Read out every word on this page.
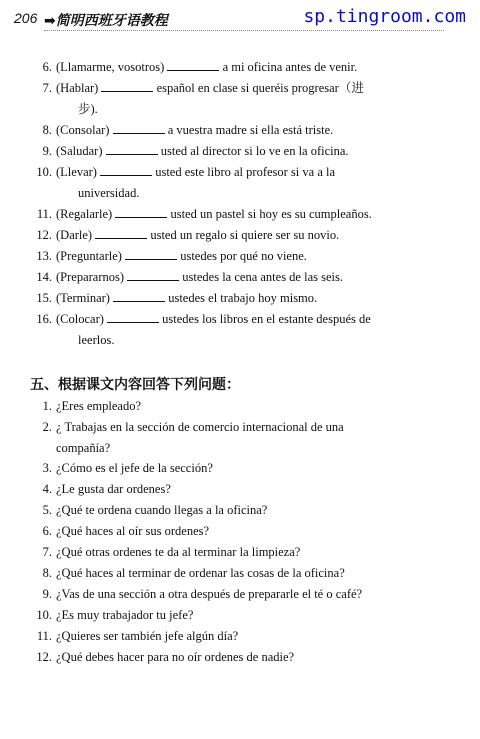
206 ➡简明西班牙语教程	sp.tingroom.com
6. (Llamarme, vosotros)	a mi oficina antes de venir.
7. (Hablar)	español en clase si queréis progresar（进
步).
8. (Consolar)	a vuestra madre si ella está triste.
9. (Saludar)	usted al director si lo ve en la oficina.
10. (Llevar)	usted este libro al profesor si va a la
universidad.
11. (Regalarle)	usted un pastel si hoy es su cumpleaños.
12. (Darle)	usted un regalo si quiere ser su novio.
13. (Preguntarle)	ustedes por qué no viene.
14. (Prepararnos)	ustedes la cena antes de las seis.
15. (Terminar)	ustedes el trabajo hoy mismo.
16. (Colocar)	ustedes los libros en el estante después de
leerlos.
五、根据课文内容回答下列问题：
1. ¿Eres empleado?
2. ¿ Trabajas en la sección de comercio internacional de una
compañía?
3. ¿Cómo es el jefe de la sección?
4. ¿Le gusta dar ordenes?
5. ¿Qué te ordena cuando llegas a la oficina?
6. ¿Qué haces al oír sus ordenes?
7. ¿Qué otras ordenes te da al terminar la limpieza?
8. ¿Qué haces al terminar de ordenar las cosas de la oficina?
9. ¿Vas de una sección a otra después de prepararle el té o café?
10. ¿Es muy trabajador tu jefe?
11. ¿Quieres ser también jefe algún día?
12. ¿Qué debes hacer para no oír ordenes de nadie?
